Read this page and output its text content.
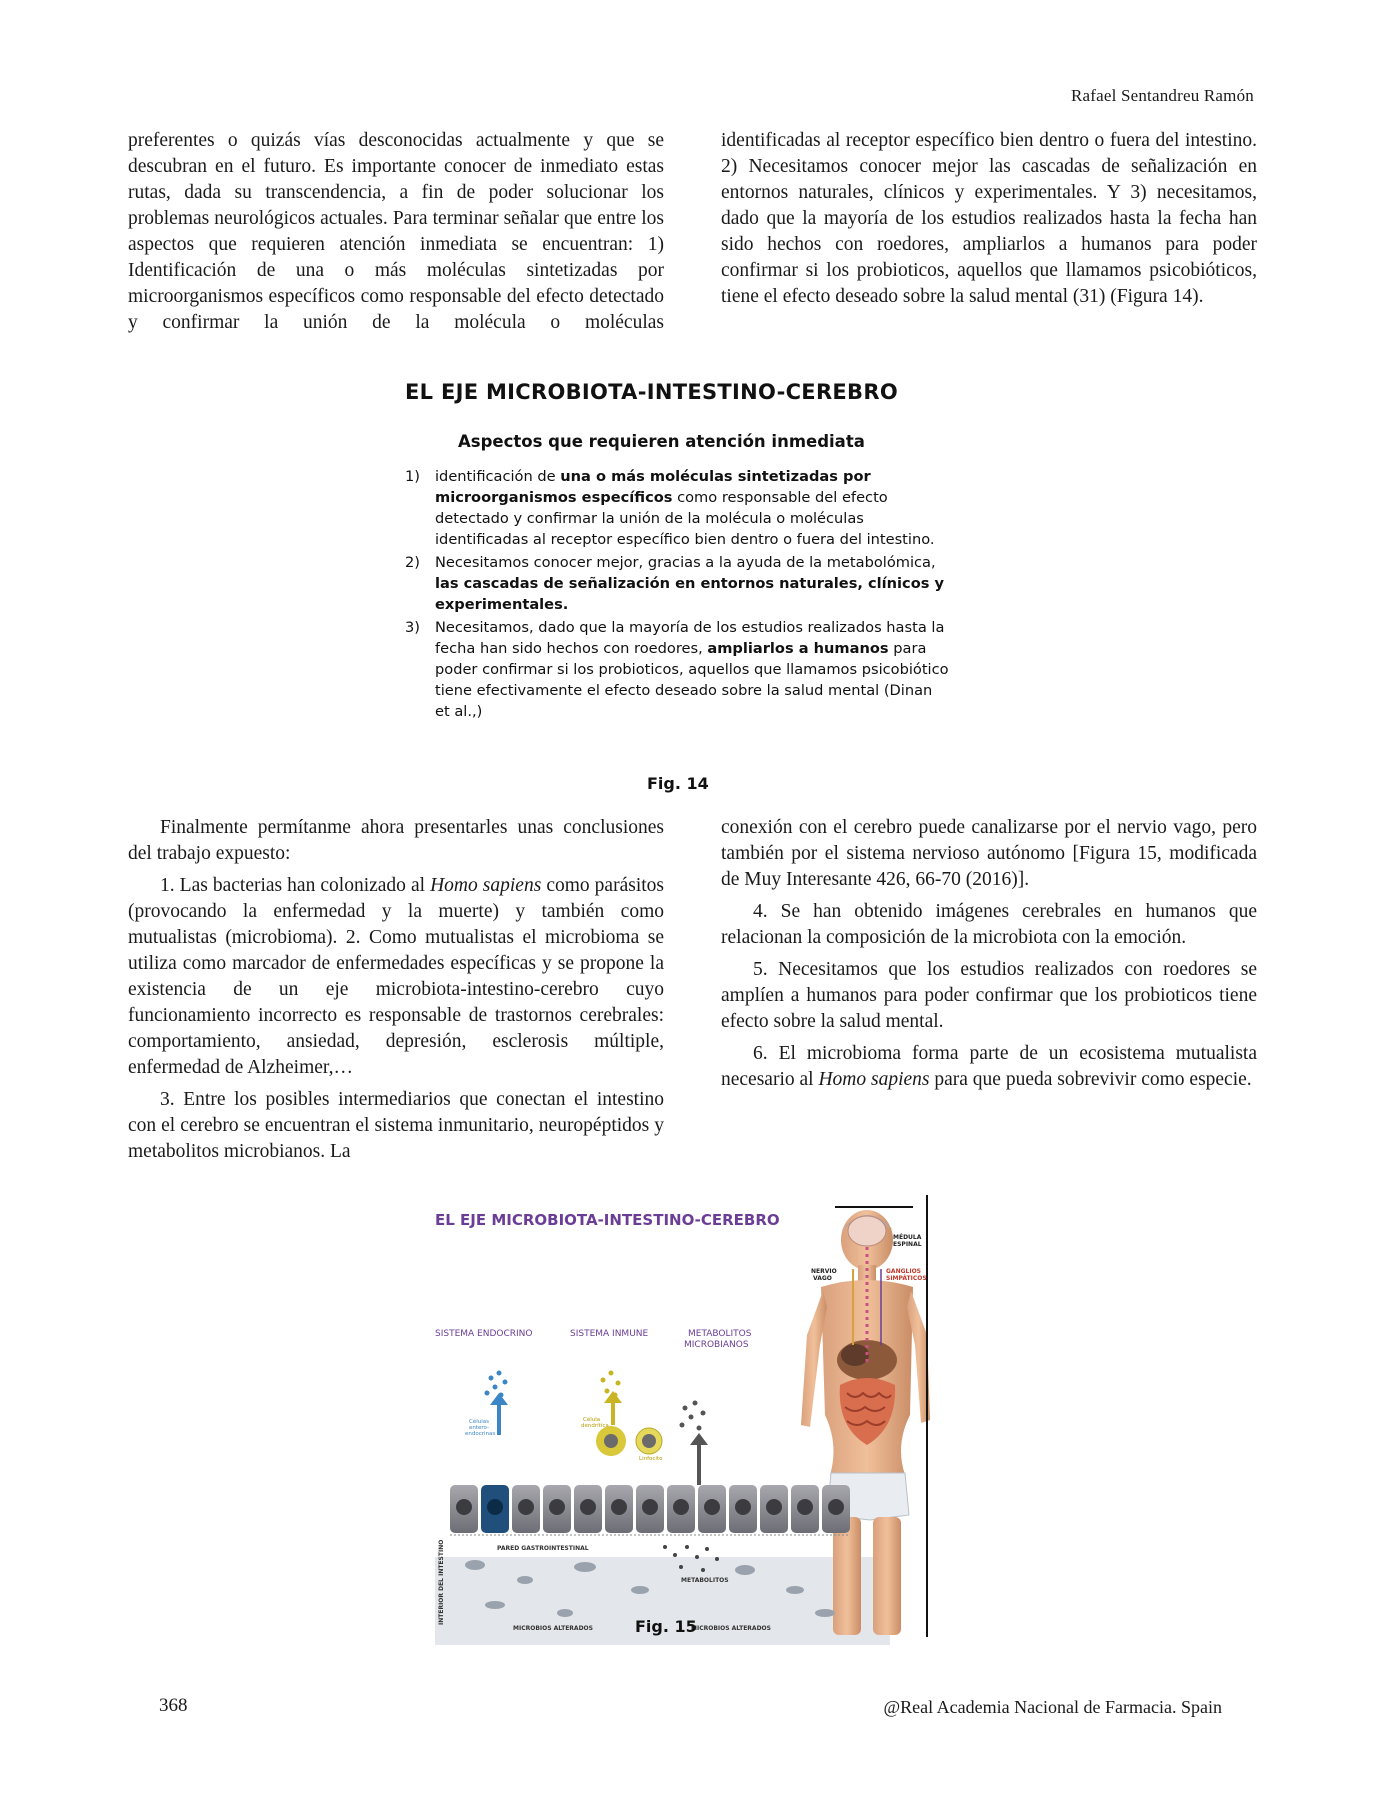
Rafael Sentandreu Ramón

preferentes o quizás vías desconocidas actualmente y que se descubran en el futuro. Es importante conocer de inmediato estas rutas, dada su transcendencia, a fin de poder solucionar los problemas neurológicos actuales. Para terminar señalar que entre los aspectos que requieren atención inmediata se encuentran: 1) Identificación de una o más moléculas sintetizadas por microorganismos específicos como responsable del efecto detectado y confirmar la unión de la molécula o moléculas

identificadas al receptor específico bien dentro o fuera del intestino. 2) Necesitamos conocer mejor las cascadas de señalización en entornos naturales, clínicos y experimentales. Y 3) necesitamos, dado que la mayoría de los estudios realizados hasta la fecha han sido hechos con roedores, ampliarlos a humanos para poder confirmar si los probioticos, aquellos que llamamos psicobióticos, tiene el efecto deseado sobre la salud mental (31) (Figura 14).

EL EJE MICROBIOTA-INTESTINO-CEREBRO
Aspectos que requieren atención inmediata
1) identificación de una o más moléculas sintetizadas por microorganismos específicos como responsable del efecto detectado y confirmar la unión de la molécula o moléculas identificadas al receptor específico bien dentro o fuera del intestino.
2) Necesitamos conocer mejor, gracias a la ayuda de la metabolómica, las cascadas de señalización en entornos naturales, clínicos y experimentales.
3) Necesitamos, dado que la mayoría de los estudios realizados hasta la fecha han sido hechos con roedores, ampliarlos a humanos para poder confirmar si los probioticos, aquellos que llamamos psicobiótico tiene efectivamente el efecto deseado sobre la salud mental (Dinan et al.,)
Fig. 14

Finalmente permítanme ahora presentarles unas conclusiones del trabajo expuesto:

1. Las bacterias han colonizado al Homo sapiens como parásitos (provocando la enfermedad y la muerte) y también como mutualistas (microbioma). 2. Como mutualistas el microbioma se utiliza como marcador de enfermedades específicas y se propone la existencia de un eje microbiota-intestino-cerebro cuyo funcionamiento incorrecto es responsable de trastornos cerebrales: comportamiento, ansiedad, depresión, esclerosis múltiple, enfermedad de Alzheimer,…

3. Entre los posibles intermediarios que conectan el intestino con el cerebro se encuentran el sistema inmunitario, neuropéptidos y metabolitos microbianos. La

conexión con el cerebro puede canalizarse por el nervio vago, pero también por el sistema nervioso autónomo [Figura 15, modificada de Muy Interesante 426, 66-70 (2016)].

4. Se han obtenido imágenes cerebrales en humanos que relacionan la composición de la microbiota con la emoción.

5. Necesitamos que los estudios realizados con roedores se amplíen a humanos para poder confirmar que los probioticos tiene efecto sobre la salud mental.

6. El microbioma forma parte de un ecosistema mutualista necesario al Homo sapiens para que pueda sobrevivir como especie.

EL EJE MICROBIOTA-INTESTINO-CEREBRO
MÉDULA
ESPINAL
NERVIO
VAGO
GANGLIOS
SIMPÁTICOS
SISTEMA ENDOCRINO	SISTEMA INMUNE	METABOLITOS
MICROBIANOS
Células
entero-
endocrinas
Célula
dendrítica
Linfocito
PARED GASTROINTESTINAL
METABOLITOS
INTERIOR DEL INTESTINO
MICROBIOS ALTERADOS	MICROBIOS ALTERADOS
Fig. 15
368	@Real Academia Nacional de Farmacia. Spain
